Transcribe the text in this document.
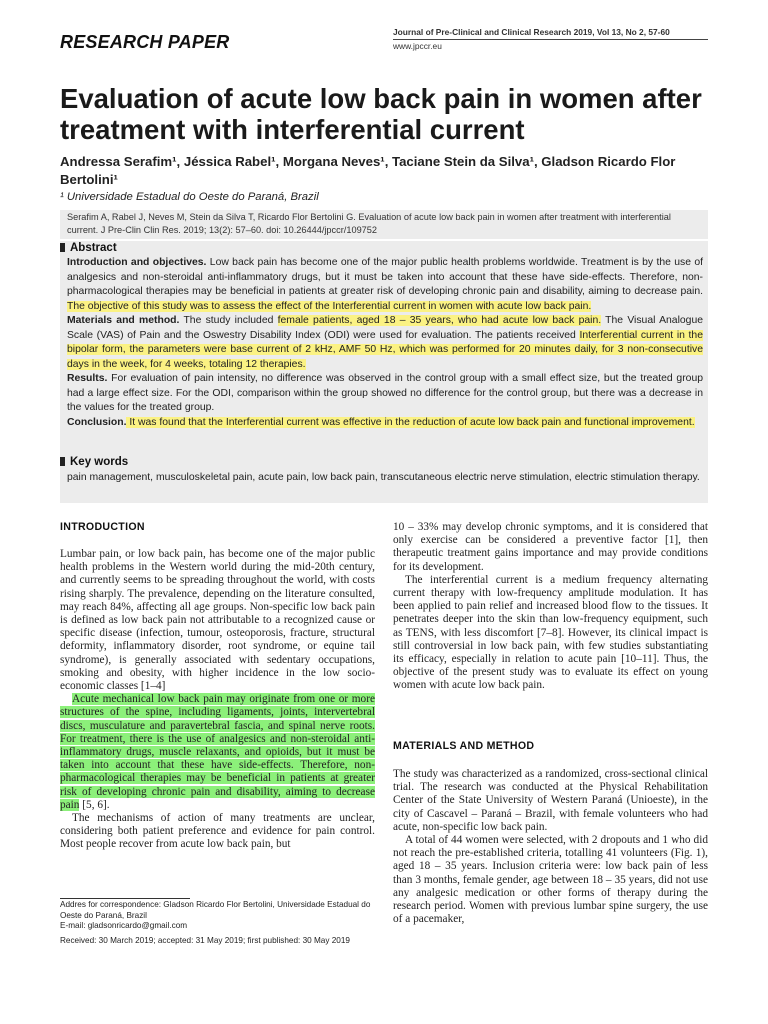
RESEARCH PAPER	Journal of Pre-Clinical and Clinical Research 2019, Vol 13, No 2, 57-60
www.jpccr.eu
Evaluation of acute low back pain in women after treatment with interferential current
Andressa Serafim¹, Jéssica Rabel¹, Morgana Neves¹, Taciane Stein da Silva¹, Gladson Ricardo Flor Bertolini¹
¹ Universidade Estadual do Oeste do Paraná, Brazil
Serafim A, Rabel J, Neves M, Stein da Silva T, Ricardo Flor Bertolini G. Evaluation of acute low back pain in women after treatment with interferential current. J Pre-Clin Clin Res. 2019; 13(2): 57–60. doi: 10.26444/jpccr/109752
Abstract

Introduction and objectives. Low back pain has become one of the major public health problems worldwide. Treatment is by the use of analgesics and non-steroidal anti-inflammatory drugs, but it must be taken into account that these have side-effects. Therefore, non-pharmacological therapies may be beneficial in patients at greater risk of developing chronic pain and disability, aiming to decrease pain. The objective of this study was to assess the effect of the Interferential current in women with acute low back pain.

Materials and method. The study included female patients, aged 18 – 35 years, who had acute low back pain. The Visual Analogue Scale (VAS) of Pain and the Oswestry Disability Index (ODI) were used for evaluation. The patients received Interferential current in the bipolar form, the parameters were base current of 2 kHz, AMF 50 Hz, which was performed for 20 minutes daily, for 3 non-consecutive days in the week, for 4 weeks, totaling 12 therapies.

Results. For evaluation of pain intensity, no difference was observed in the control group with a small effect size, but the treated group had a large effect size. For the ODI, comparison within the group showed no difference for the control group, but there was a decrease in the values for the treated group.

Conclusion. It was found that the Interferential current was effective in the reduction of acute low back pain and functional improvement.

Key words
pain management, musculoskeletal pain, acute pain, low back pain, transcutaneous electric nerve stimulation, electric stimulation therapy.
INTRODUCTION

Lumbar pain, or low back pain, has become one of the major public health problems in the Western world during the mid-20th century, and currently seems to be spreading throughout the world, with costs rising sharply. The prevalence, depending on the literature consulted, may reach 84%, affecting all age groups. Non-specific low back pain is defined as low back pain not attributable to a recognized cause or specific disease (infection, tumour, osteoporosis, fracture, structural deformity, inflammatory disorder, root syndrome, or equine tail syndrome), is generally associated with sedentary occupations, smoking and obesity, with higher incidence in the low socio-economic classes [1–4]

Acute mechanical low back pain may originate from one or more structures of the spine, including ligaments, joints, intervertebral discs, musculature and paravertebral fascia, and spinal nerve roots. For treatment, there is the use of analgesics and non-steroidal anti-inflammatory drugs, muscle relaxants, and opioids, but it must be taken into account that these have side-effects. Therefore, non-pharmacological therapies may be beneficial in patients at greater risk of developing chronic pain and disability, aiming to decrease pain [5, 6].

The mechanisms of action of many treatments are unclear, considering both patient preference and evidence for pain control. Most people recover from acute low back pain, but

10 – 33% may develop chronic symptoms, and it is considered that only exercise can be considered a preventive factor [1], then therapeutic treatment gains importance and may provide conditions for its development.

The interferential current is a medium frequency alternating current therapy with low-frequency amplitude modulation. It has been applied to pain relief and increased blood flow to the tissues. It penetrates deeper into the skin than low-frequency equipment, such as TENS, with less discomfort [7–8]. However, its clinical impact is still controversial in low back pain, with few studies substantiating its efficacy, especially in relation to acute pain [10–11]. Thus, the objective of the present study was to evaluate its effect on young women with acute low back pain.

MATERIALS AND METHOD

The study was characterized as a randomized, cross-sectional clinical trial. The research was conducted at the Physical Rehabilitation Center of the State University of Western Paraná (Unioeste), in the city of Cascavel – Paraná – Brazil, with female volunteers who had acute, non-specific low back pain.

A total of 44 women were selected, with 2 dropouts and 1 who did not reach the pre-established criteria, totalling 41 volunteers (Fig. 1), aged 18 – 35 years. Inclusion criteria were: low back pain of less than 3 months, female gender, age between 18 – 35 years, did not use any analgesic medication or other forms of therapy during the research period. Women with previous lumbar spine surgery, the use of a pacemaker,

Addres for correspondence: Gladson Ricardo Flor Bertolini, Universidade Estadual do Oeste do Paraná, Brazil
E-mail: gladsonricardo@gmail.com
Received: 30 March 2019; accepted: 31 May 2019; first published: 30 May 2019
